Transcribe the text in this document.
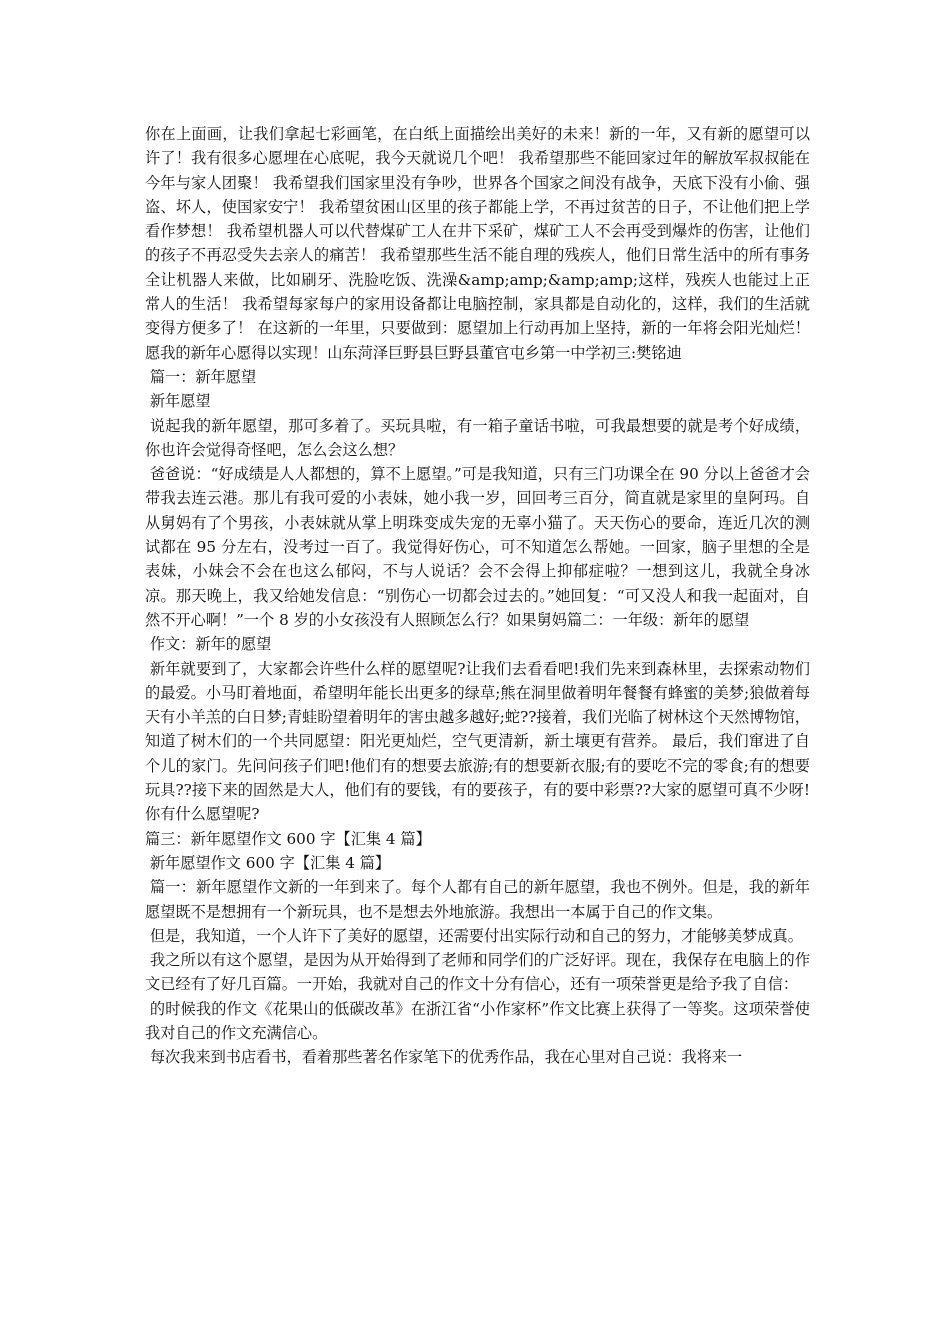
你在上面画，让我们拿起七彩画笔，在白纸上面描绘出美好的未来！新的一年，又有新的愿望可以许了！我有很多心愿埋在心底呢，我今天就说几个吧！ 我希望那些不能回家过年的解放军叔叔能在今年与家人团聚！ 我希望我们国家里没有争吵，世界各个国家之间没有战争，天底下没有小偷、强盗、坏人，使国家安宁！ 我希望贫困山区里的孩子都能上学，不再过贫苦的日子，不让他们把上学看作梦想！ 我希望机器人可以代替煤矿工人在井下采矿，煤矿工人不会再受到爆炸的伤害，让他们的孩子不再忍受失去亲人的痛苦！ 我希望那些生活不能自理的残疾人，他们日常生活中的所有事务全让机器人来做，比如刷牙、洗脸吃饭、洗澡&amp;amp;&amp;amp;这样，残疾人也能过上正常人的生活！ 我希望每家每户的家用设备都让电脑控制，家具都是自动化的，这样，我们的生活就变得方便多了！ 在这新的一年里，只要做到：愿望加上行动再加上坚持，新的一年将会阳光灿烂！愿我的新年心愿得以实现！山东菏泽巨野县巨野县董官屯乡第一中学初三:樊铭迪

篇一：新年愿望

新年愿望

说起我的新年愿望，那可多着了。买玩具啦，有一箱子童话书啦，可我最想要的就是考个好成绩，你也许会觉得奇怪吧，怎么会这么想？

爸爸说：“好成绩是人人都想的，算不上愿望。”可是我知道，只有三门功课全在 90 分以上爸爸才会带我去连云港。那儿有我可爱的小表妹，她小我一岁，回回考三百分，简直就是家里的皇阿玛。自从舅妈有了个男孩，小表妹就从掌上明珠变成失宠的无辜小猫了。天天伤心的要命，连近几次的测试都在 95 分左右，没考过一百了。我觉得好伤心，可不知道怎么帮她。一回家，脑子里想的全是表妹，小妹会不会在也这么郁闷，不与人说话？会不会得上抑郁症啦？一想到这儿，我就全身冰凉。那天晚上，我又给她发信息：“别伤心一切都会过去的。”她回复：“可又没人和我一起面对，自然不开心啊！”一个 8 岁的小女孩没有人照顾怎么行？如果舅妈篇二：一年级：新年的愿望

作文：新年的愿望

新年就要到了，大家都会许些什么样的愿望呢?让我们去看看吧!我们先来到森林里，去探索动物们的最爱。小马盯着地面，希望明年能长出更多的绿草;熊在洞里做着明年餐餐有蜂蜜的美梦;狼做着每天有小羊羔的白日梦;青蛙盼望着明年的害虫越多越好;蛇??接着，我们光临了树林这个天然博物馆，知道了树木们的一个共同愿望：阳光更灿烂，空气更清新，新土壤更有营养。 最后，我们窜进了自个儿的家门。先问问孩子们吧!他们有的想要去旅游;有的想要新衣服;有的要吃不完的零食;有的想要玩具??接下来的固然是大人，他们有的要钱，有的要孩子，有的要中彩票??大家的愿望可真不少呀!你有什么愿望呢?

篇三：新年愿望作文 600 字【汇集 4 篇】

新年愿望作文 600 字【汇集 4 篇】

篇一：新年愿望作文新的一年到来了。每个人都有自己的新年愿望，我也不例外。但是，我的新年愿望既不是想拥有一个新玩具，也不是想去外地旅游。我想出一本属于自己的作文集。

但是，我知道，一个人许下了美好的愿望，还需要付出实际行动和自己的努力，才能够美梦成真。

我之所以有这个愿望，是因为从开始得到了老师和同学们的广泛好评。现在，我保存在电脑上的作文已经有了好几百篇。一开始，我就对自己的作文十分有信心，还有一项荣誉更是给予我了自信：

的时候我的作文《花果山的低碳改革》在浙江省“小作家杯”作文比赛上获得了一等奖。这项荣誉使我对自己的作文充满信心。

每次我来到书店看书，看着那些著名作家笔下的优秀作品，我在心里对自己说：我将来一
